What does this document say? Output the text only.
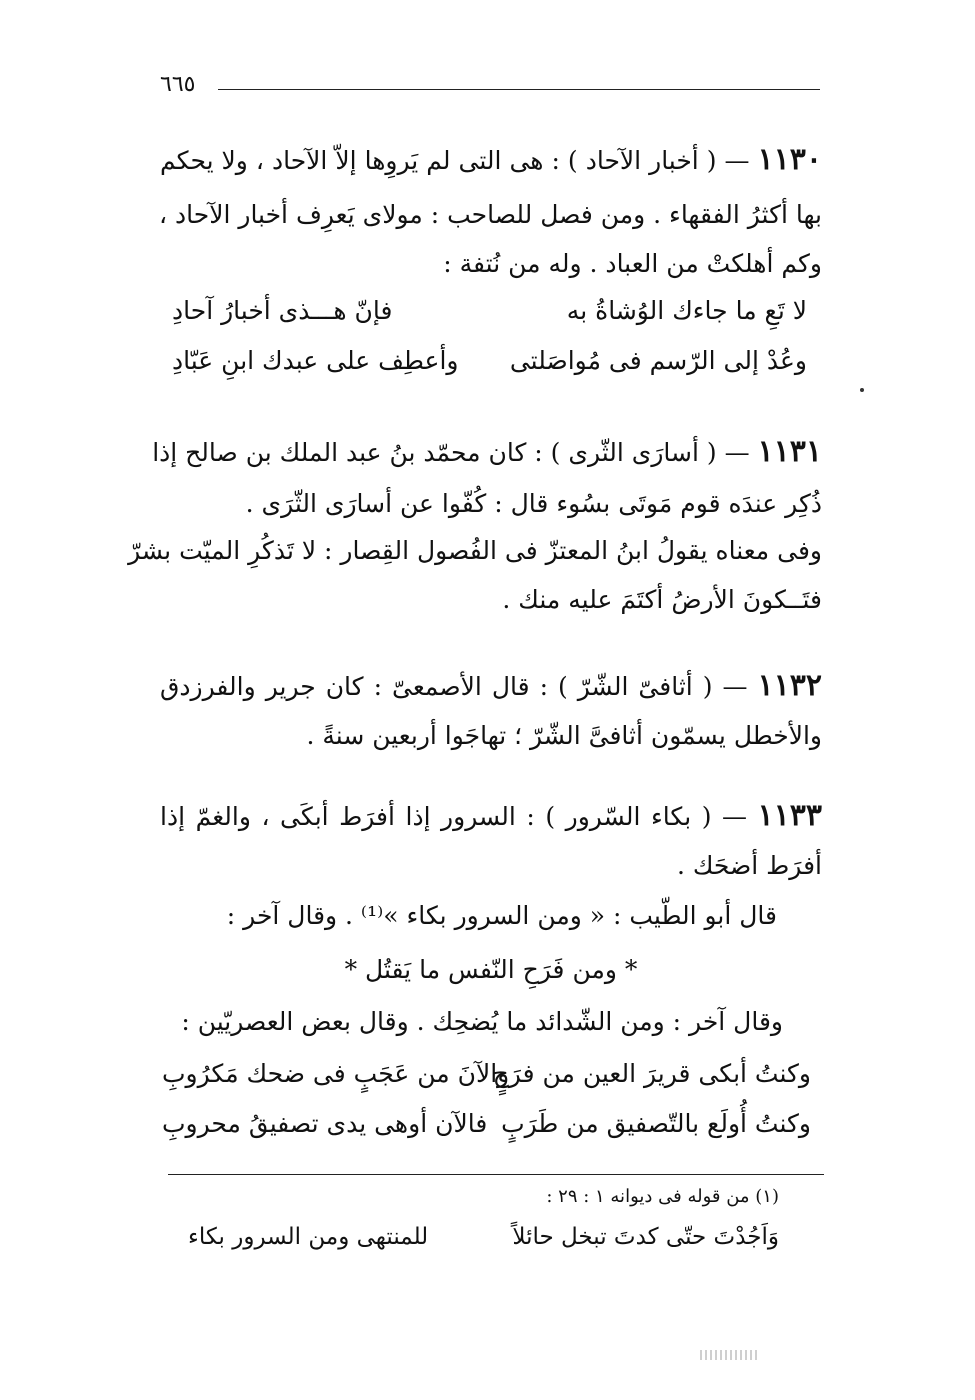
٦٦٥
١١٣٠ — ( أخبار الآحاد ) : هى التى لم يَروِها إلاّ الآحاد ، ولا يحكم
بها أكثرُ الفقهاء . ومن فصل للصاحب : مولاى يَعرِف أخبار الآحاد ،
وكم أهلكتْ من العباد . وله من نُتفة :
لا تَعِ ما جاءك الوُشاةُ به
فإنّ هـــذى أخبارُ آحادِ
وعُدْ إلى الرّسم فى مُواصَلتى
وأعطِف على عبدك ابنِ عَبّادِ
١١٣١ — ( أسارَى الثّرى ) : كان محمّد بنُ عبد الملك بن صالح إذا
ذُكِر عندَه قوم مَوتَى بسُوء قال : كُفّوا عن أسارَى الثّرَى .
وفى معناه يقولُ ابنُ المعتزّ فى الفُصول القِصار : لا تَذكُرِ الميّت بشرّ
فتَــكونَ الأرضُ أكتَمَ عليه منك .
١١٣٢ — ( أثافىّ الشّرّ ) : قال الأصمعىّ : كان جرير والفرزدق
والأخطل يسمّون أثافىَّ الشّرّ ؛ تهاجَوا أربعين سنةً .
١١٣٣ — ( بكاء السّرور ) : السرور إذا أفرَط أبكَى ، والغمّ إذا
أفرَط أضحَك .
قال أبو الطّيب : « ومن السرور بكاء »⁽¹⁾ . وقال آخر :
* ومن فَرَحِ النّفس ما يَقتُل *
وقال آخر : ومن الشّدائد ما يُضحِك . وقال بعض العصريّين :
وكنتُ أبكى قريرَ العين من فرَحٍ
والآنَ من عَجَبٍ فى ضحك مَكرُوبِ
وكنتُ أُولَع بالتّصفيق من طَرَبٍ
فالآن أوهى يدى تصفيقُ محروبِ
(١) من قوله فى ديوانه ١ : ٢٩ :
وَاَجُدْتَ حتّى كدتَ تبخل حائلاً
للمنتهى ومن السرور بكاء
